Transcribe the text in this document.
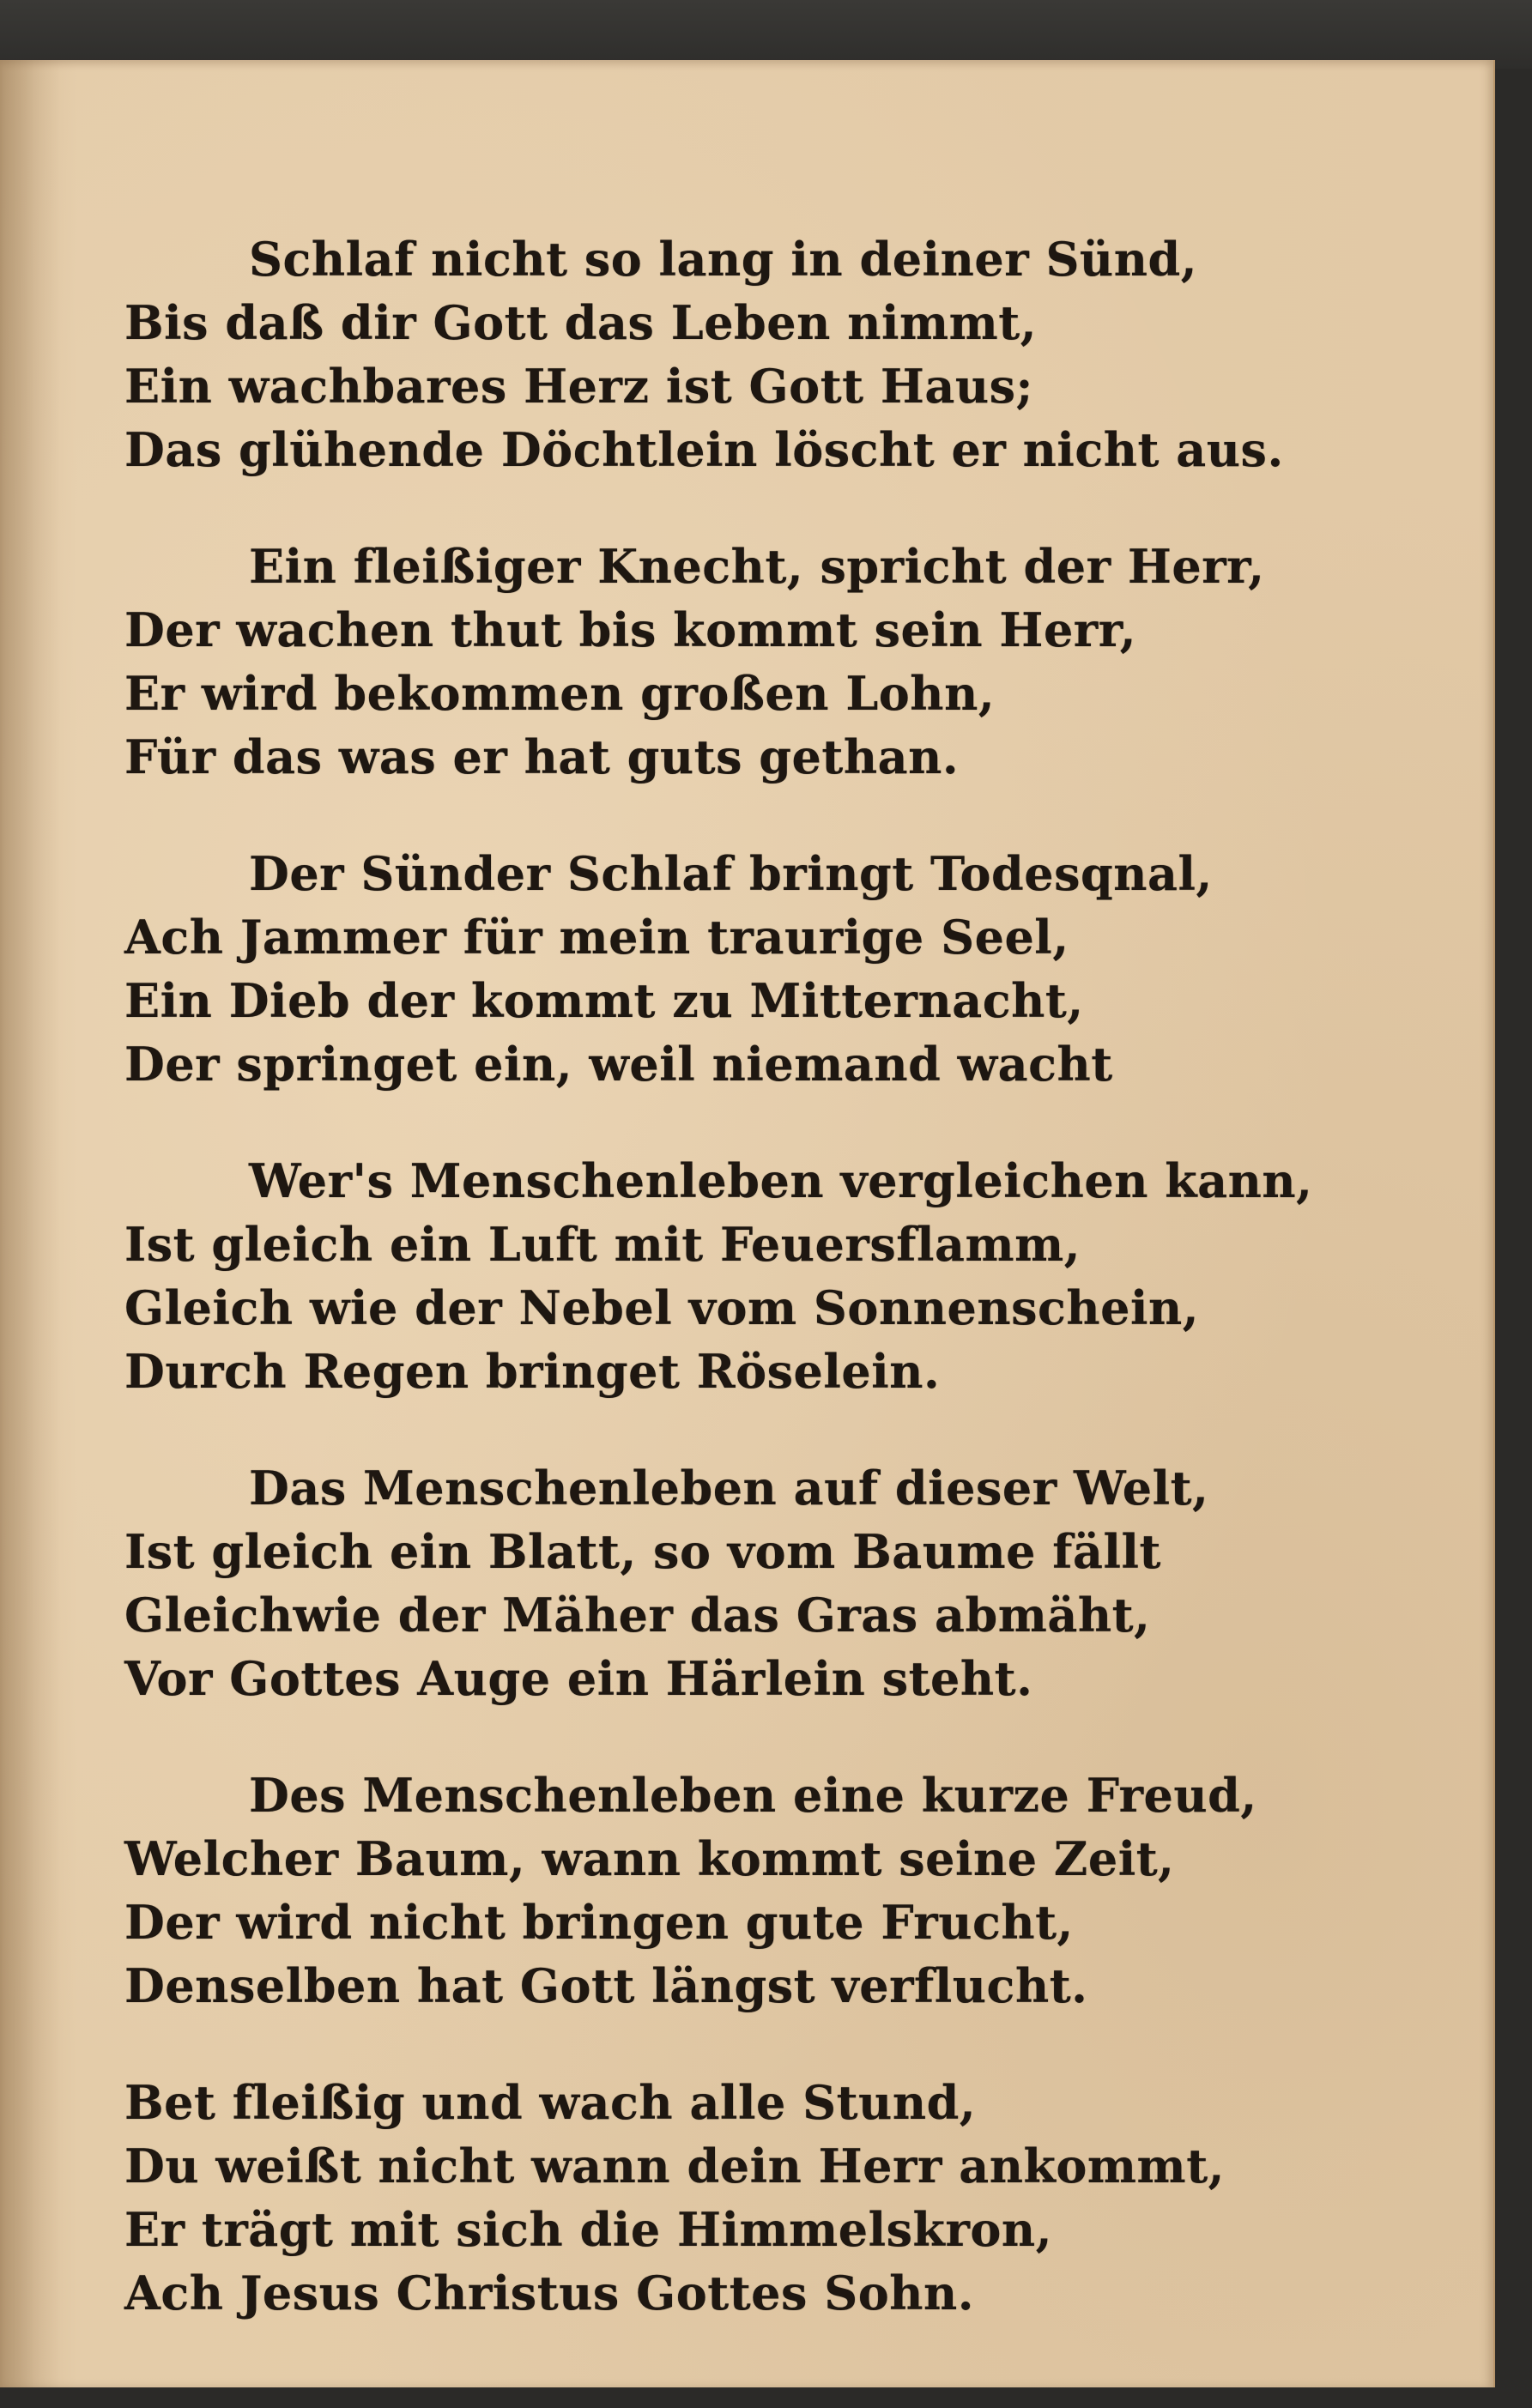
Schlaf nicht so lang in deiner Sünd,
Bis daß dir Gott das Leben nimmt,
Ein wachbares Herz ist Gott Haus;
Das glühende Döchtlein löscht er nicht aus.
Ein fleißiger Knecht, spricht der Herr,
Der wachen thut bis kommt sein Herr,
Er wird bekommen großen Lohn,
Für das was er hat guts gethan.
Der Sünder Schlaf bringt Todesqnal,
Ach Jammer für mein traurige Seel,
Ein Dieb der kommt zu Mitternacht,
Der springet ein, weil niemand wacht
Wer's Menschenleben vergleichen kann,
Ist gleich ein Luft mit Feuersflamm,
Gleich wie der Nebel vom Sonnenschein,
Durch Regen bringet Röselein.
Das Menschenleben auf dieser Welt,
Ist gleich ein Blatt, so vom Baume fällt
Gleichwie der Mäher das Gras abmäht,
Vor Gottes Auge ein Härlein steht.
Des Menschenleben eine kurze Freud,
Welcher Baum, wann kommt seine Zeit,
Der wird nicht bringen gute Frucht,
Denselben hat Gott längst verflucht.
Bet fleißig und wach alle Stund,
Du weißt nicht wann dein Herr ankommt,
Er trägt mit sich die Himmelskron,
Ach Jesus Christus Gottes Sohn.
